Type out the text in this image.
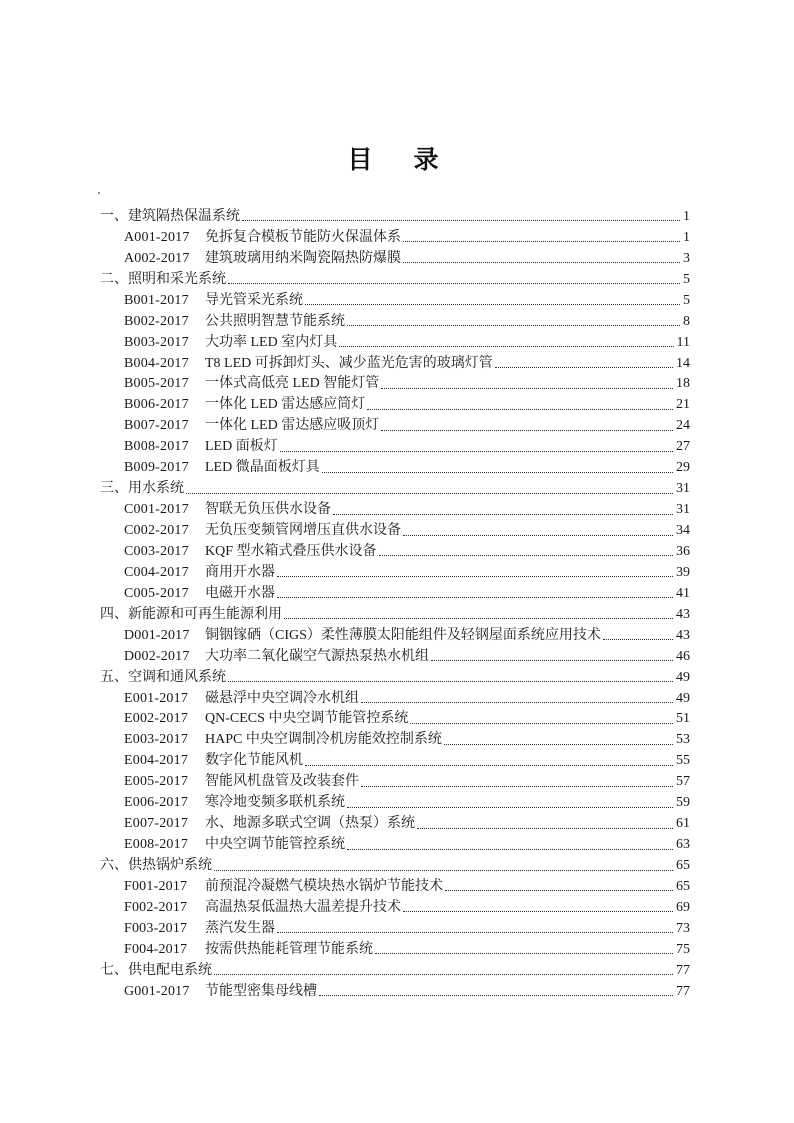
目　录
’
一、建筑隔热保温系统	1
A001-2017	免拆复合模板节能防火保温体系	1
A002-2017	建筑玻璃用纳米陶瓷隔热防爆膜	3
二、照明和采光系统	5
B001-2017	导光管采光系统	5
B002-2017	公共照明智慧节能系统	8
B003-2017	大功率 LED 室内灯具	11
B004-2017	T8 LED 可拆卸灯头、减少蓝光危害的玻璃灯管	14
B005-2017	一体式高低亮 LED 智能灯管	18
B006-2017	一体化 LED 雷达感应筒灯	21
B007-2017	一体化 LED 雷达感应吸顶灯	24
B008-2017	LED 面板灯	27
B009-2017	LED 微晶面板灯具	29
三、用水系统	31
C001-2017	智联无负压供水设备	31
C002-2017	无负压变频管网增压直供水设备	34
C003-2017	KQF 型水箱式叠压供水设备	36
C004-2017	商用开水器	39
C005-2017	电磁开水器	41
四、新能源和可再生能源利用	43
D001-2017	铜铟镓硒（CIGS）柔性薄膜太阳能组件及轻钢屋面系统应用技术	43
D002-2017	大功率二氧化碳空气源热泵热水机组	46
五、空调和通风系统	49
E001-2017	磁悬浮中央空调冷水机组	49
E002-2017	QN-CECS 中央空调节能管控系统	51
E003-2017	HAPC 中央空调制冷机房能效控制系统	53
E004-2017	数字化节能风机	55
E005-2017	智能风机盘管及改装套件	57
E006-2017	寒冷地变频多联机系统	59
E007-2017	水、地源多联式空调（热泵）系统	61
E008-2017	中央空调节能管控系统	63
六、供热锅炉系统	65
F001-2017	前预混冷凝燃气模块热水锅炉节能技术	65
F002-2017	高温热泵低温热大温差提升技术	69
F003-2017	蒸汽发生器	73
F004-2017	按需供热能耗管理节能系统	75
七、供电配电系统	77
G001-2017	节能型密集母线槽	77
